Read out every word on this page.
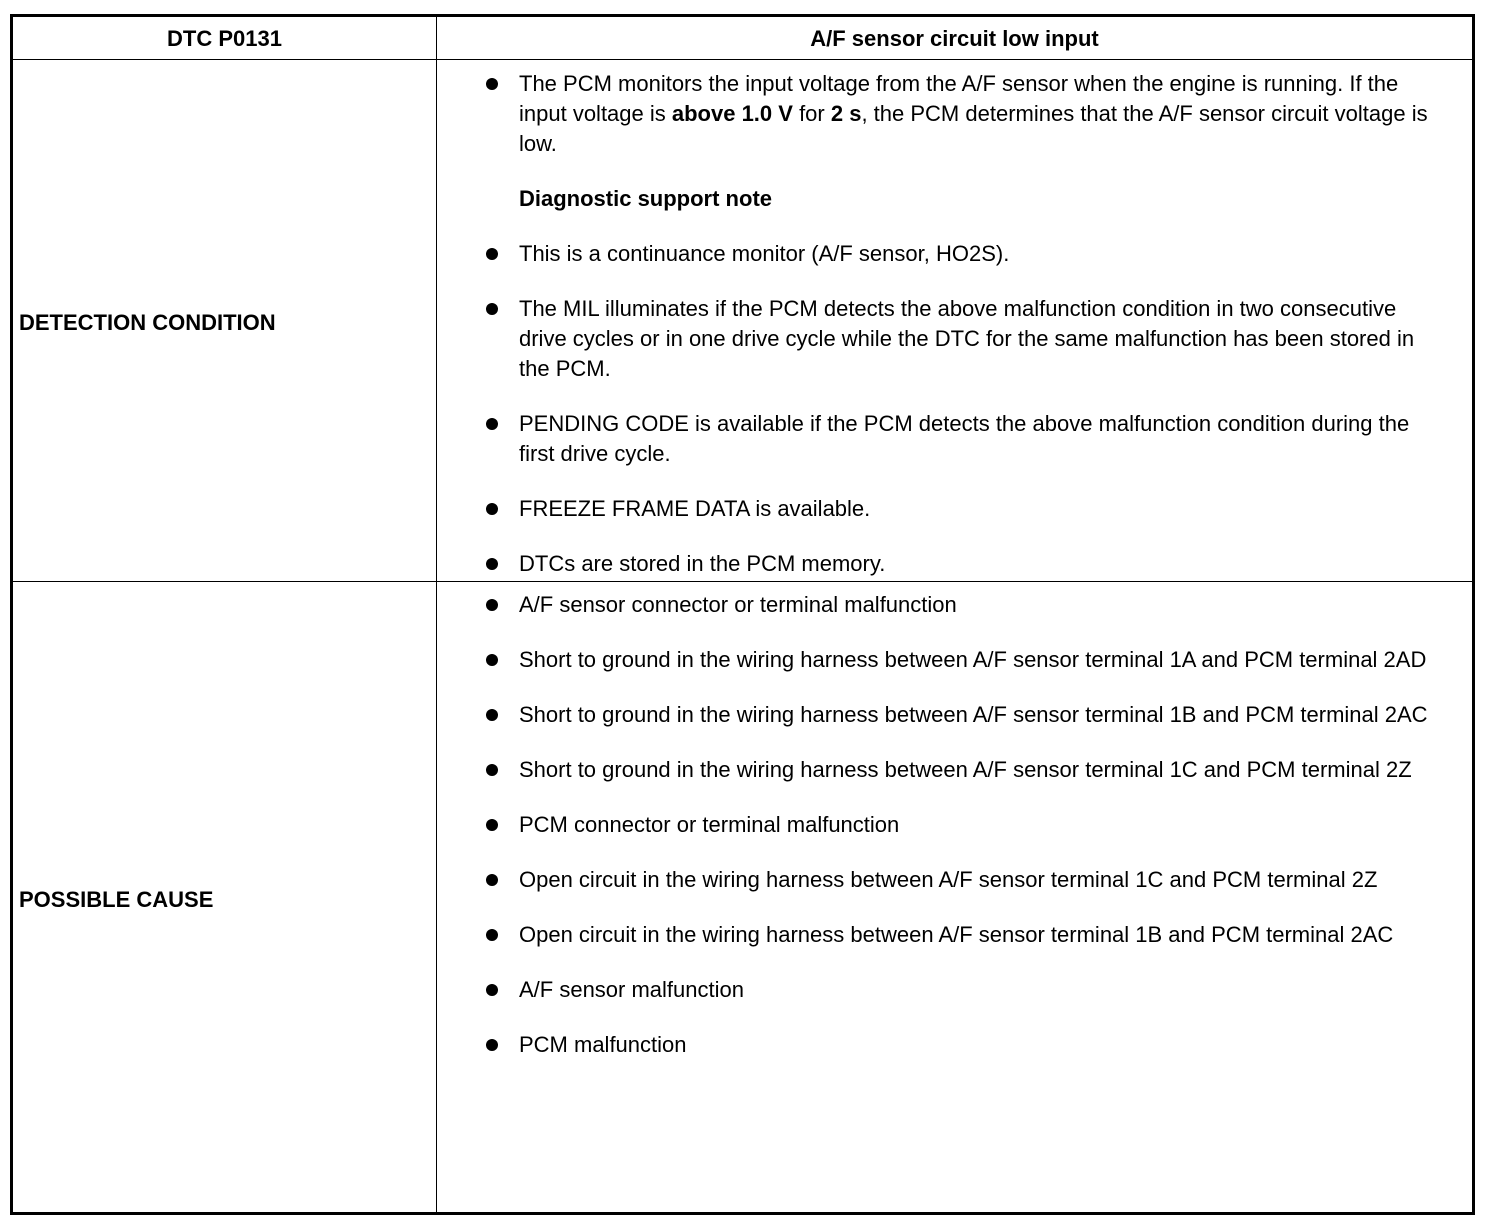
DTC P0131	A/F sensor circuit low input
DETECTION CONDITION
POSSIBLE CAUSE
The PCM monitors the input voltage from the A/F sensor when the engine is running. If the input voltage is above 1.0 V for 2 s, the PCM determines that the A/F sensor circuit voltage is low.
Diagnostic support note
This is a continuance monitor (A/F sensor, HO2S).
The MIL illuminates if the PCM detects the above malfunction condition in two consecutive drive cycles or in one drive cycle while the DTC for the same malfunction has been stored in the PCM.
PENDING CODE is available if the PCM detects the above malfunction condition during the first drive cycle.
FREEZE FRAME DATA is available.
DTCs are stored in the PCM memory.
A/F sensor connector or terminal malfunction
Short to ground in the wiring harness between A/F sensor terminal 1A and PCM terminal 2AD
Short to ground in the wiring harness between A/F sensor terminal 1B and PCM terminal 2AC
Short to ground in the wiring harness between A/F sensor terminal 1C and PCM terminal 2Z
PCM connector or terminal malfunction
Open circuit in the wiring harness between A/F sensor terminal 1C and PCM terminal 2Z
Open circuit in the wiring harness between A/F sensor terminal 1B and PCM terminal 2AC
A/F sensor malfunction
PCM malfunction
